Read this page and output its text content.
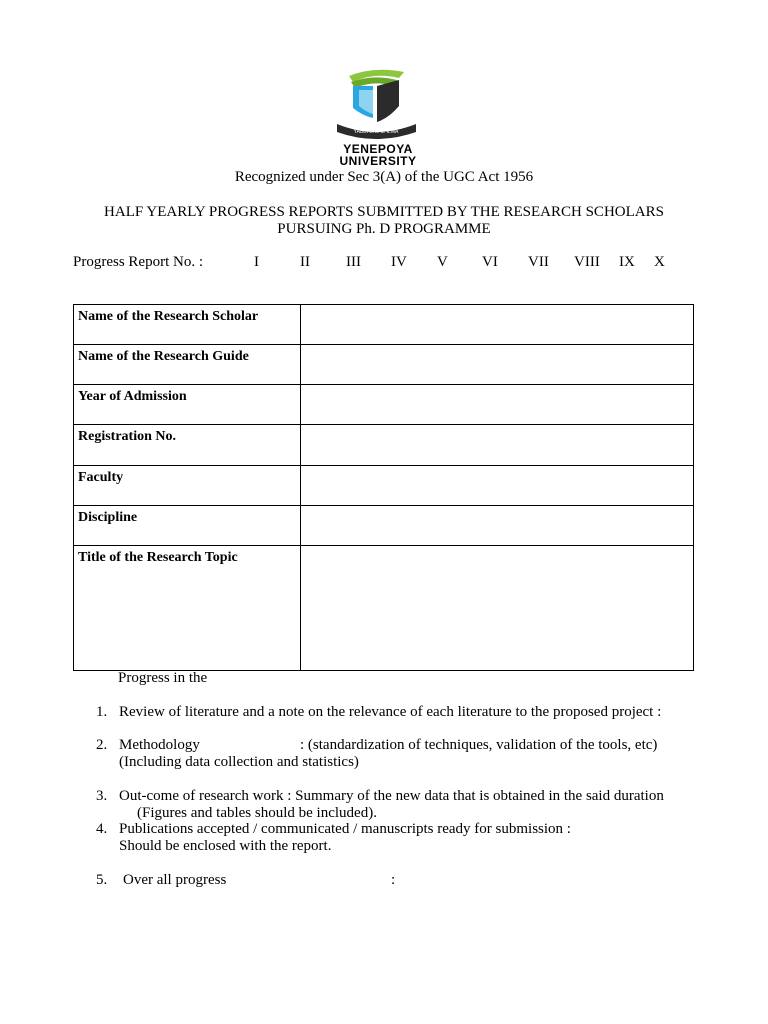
YABBI DIGHE ILMA
YENEPOYA
UNIVERSITY
Recognized under Sec 3(A) of the UGC Act 1956
HALF YEARLY PROGRESS REPORTS SUBMITTED BY THE RESEARCH SCHOLARS
PURSUING Ph. D PROGRAMME
Progress Report No. :	I	II III IV V VI VII VIII IX X
Name of the Research Scholar	
Name of the Research Guide	
Year of Admission	
Registration No.	
Faculty	
Discipline	
Title of the Research Topic	
Progress in the
1. Review of literature and a note on the relevance of each literature to the proposed project :
2. Methodology	: (standardization of techniques, validation of the tools, etc)
(Including data collection and statistics)
3. Out-come of research work : Summary of the new data that is obtained in the said duration
(Figures and tables should be included).
4. Publications accepted / communicated / manuscripts ready for submission :
Should be enclosed with the report.
5. Over all progress	:
